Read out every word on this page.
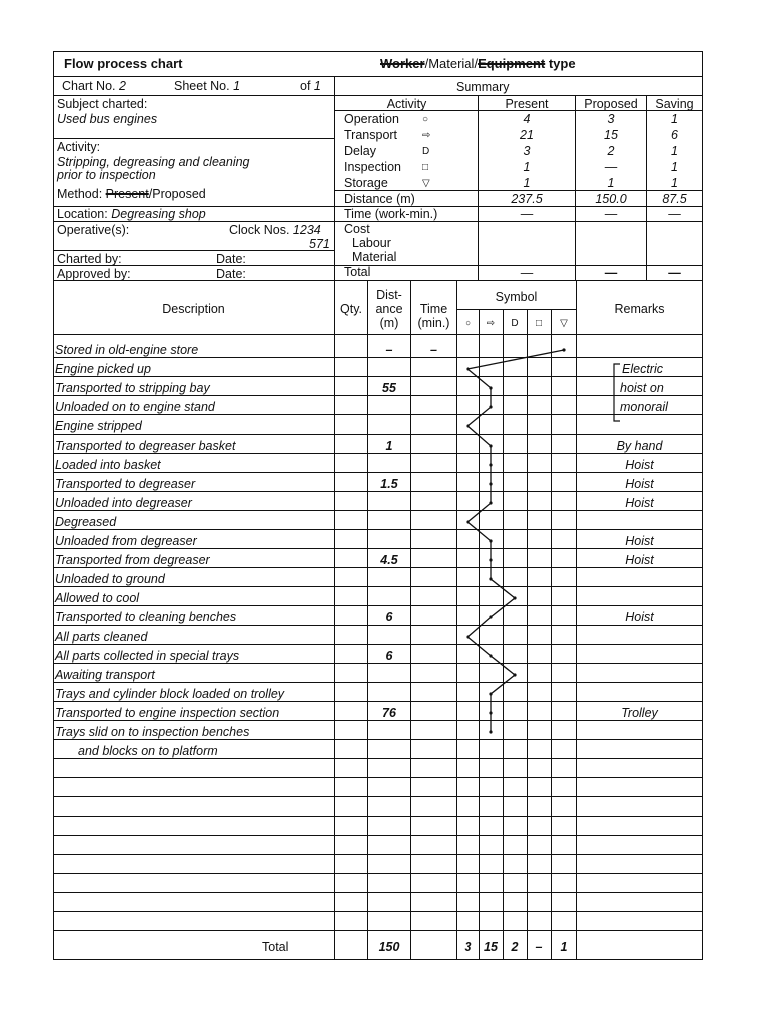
Flow process chart	Worker/Material/Equipment type
Chart No. 2	Sheet No. 1	of 1	Summary
Subject charted:
Used bus engines
Activity:
Stripping, degreasing and cleaning
prior to inspection
Method: Present/Proposed
Location: Degreasing shop
Operative(s):	Clock Nos. 1234
571
Charted by:	Date:
Approved by:	Date:
Activity	Present	Proposed	Saving
Operation ○	4	3	1
Transport ⇨	21	15	6
Delay	D	3	2	1
Inspection □	1	—	1
Storage	▽	1	1	1
Distance (m)	237.5	150.0	87.5
Time (work-min.)	—	—	—
Cost
Labour
Material
Total	—	—	—
Description	Qty.
Dist-
ance
(m)
Time
(min.)
Symbol
Remarks
○	⇨	D	□	▽
Stored in old-engine store	–	–
Engine picked up	Electric
Transported to stripping bay	55	hoist on
Unloaded on to engine stand	monorail
Engine stripped
Transported to degreaser basket	1	By hand
Loaded into basket	Hoist
Transported to degreaser	1.5	Hoist
Unloaded into degreaser	Hoist
Degreased
Unloaded from degreaser	Hoist
Transported from degreaser	4.5	Hoist
Unloaded to ground
Allowed to cool
Transported to cleaning benches	6	Hoist
All parts cleaned
All parts collected in special trays	6
Awaiting transport
Trays and cylinder block loaded on trolley
Transported to engine inspection section	76	Trolley
Trays slid on to inspection benches
and blocks on to platform
Total	150	3	15	2	–	1
